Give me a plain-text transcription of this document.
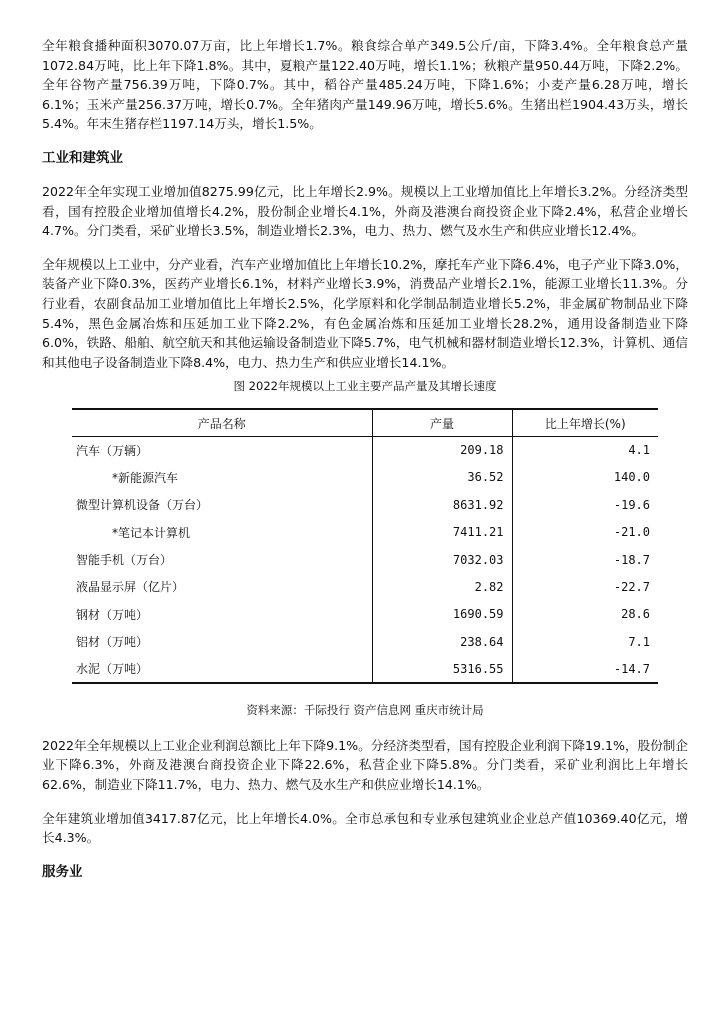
全年粮食播种面积3070.07万亩，比上年增长1.7%。粮食综合单产349.5公斤/亩，下降3.4%。全年粮食总产量1072.84万吨，比上年下降1.8%。其中，夏粮产量122.40万吨，增长1.1%；秋粮产量950.44万吨，下降2.2%。全年谷物产量756.39万吨，下降0.7%。其中，稻谷产量485.24万吨，下降1.6%；小麦产量6.28万吨，增长6.1%；玉米产量256.37万吨，增长0.7%。全年猪肉产量149.96万吨，增长5.6%。生猪出栏1904.43万头，增长5.4%。年末生猪存栏1197.14万头，增长1.5%。

工业和建筑业

2022年全年实现工业增加值8275.99亿元，比上年增长2.9%。规模以上工业增加值比上年增长3.2%。分经济类型看，国有控股企业增加值增长4.2%，股份制企业增长4.1%，外商及港澳台商投资企业下降2.4%，私营企业增长4.7%。分门类看，采矿业增长3.5%，制造业增长2.3%，电力、热力、燃气及水生产和供应业增长12.4%。

全年规模以上工业中，分产业看，汽车产业增加值比上年增长10.2%，摩托车产业下降6.4%，电子产业下降3.0%，装备产业下降0.3%，医药产业增长6.1%，材料产业增长3.9%，消费品产业增长2.1%，能源工业增长11.3%。分行业看，农副食品加工业增加值比上年增长2.5%，化学原料和化学制品制造业增长5.2%，非金属矿物制品业下降5.4%，黑色金属冶炼和压延加工业下降2.2%，有色金属冶炼和压延加工业增长28.2%，通用设备制造业下降6.0%，铁路、船舶、航空航天和其他运输设备制造业下降5.7%，电气机械和器材制造业增长12.3%，计算机、通信和其他电子设备制造业下降8.4%，电力、热力生产和供应业增长14.1%。

图 2022年规模以上工业主要产品产量及其增长速度
产品名称	产量	比上年增长(%)
汽车（万辆）	209.18	4.1
*新能源汽车	36.52	140.0
微型计算机设备（万台）	8631.92	-19.6
*笔记本计算机	7411.21	-21.0
智能手机（万台）	7032.03	-18.7
液晶显示屏（亿片）	2.82	-22.7
钢材（万吨）	1690.59	28.6
铝材（万吨）	238.64	7.1
水泥（万吨）	5316.55	-14.7
资料来源：千际投行 资产信息网 重庆市统计局

2022年全年规模以上工业企业利润总额比上年下降9.1%。分经济类型看，国有控股企业利润下降19.1%，股份制企业下降6.3%，外商及港澳台商投资企业下降22.6%，私营企业下降5.8%。分门类看，采矿业利润比上年增长62.6%，制造业下降11.7%，电力、热力、燃气及水生产和供应业增长14.1%。

全年建筑业增加值3417.87亿元，比上年增长4.0%。全市总承包和专业承包建筑业企业总产值10369.40亿元，增长4.3%。

服务业
